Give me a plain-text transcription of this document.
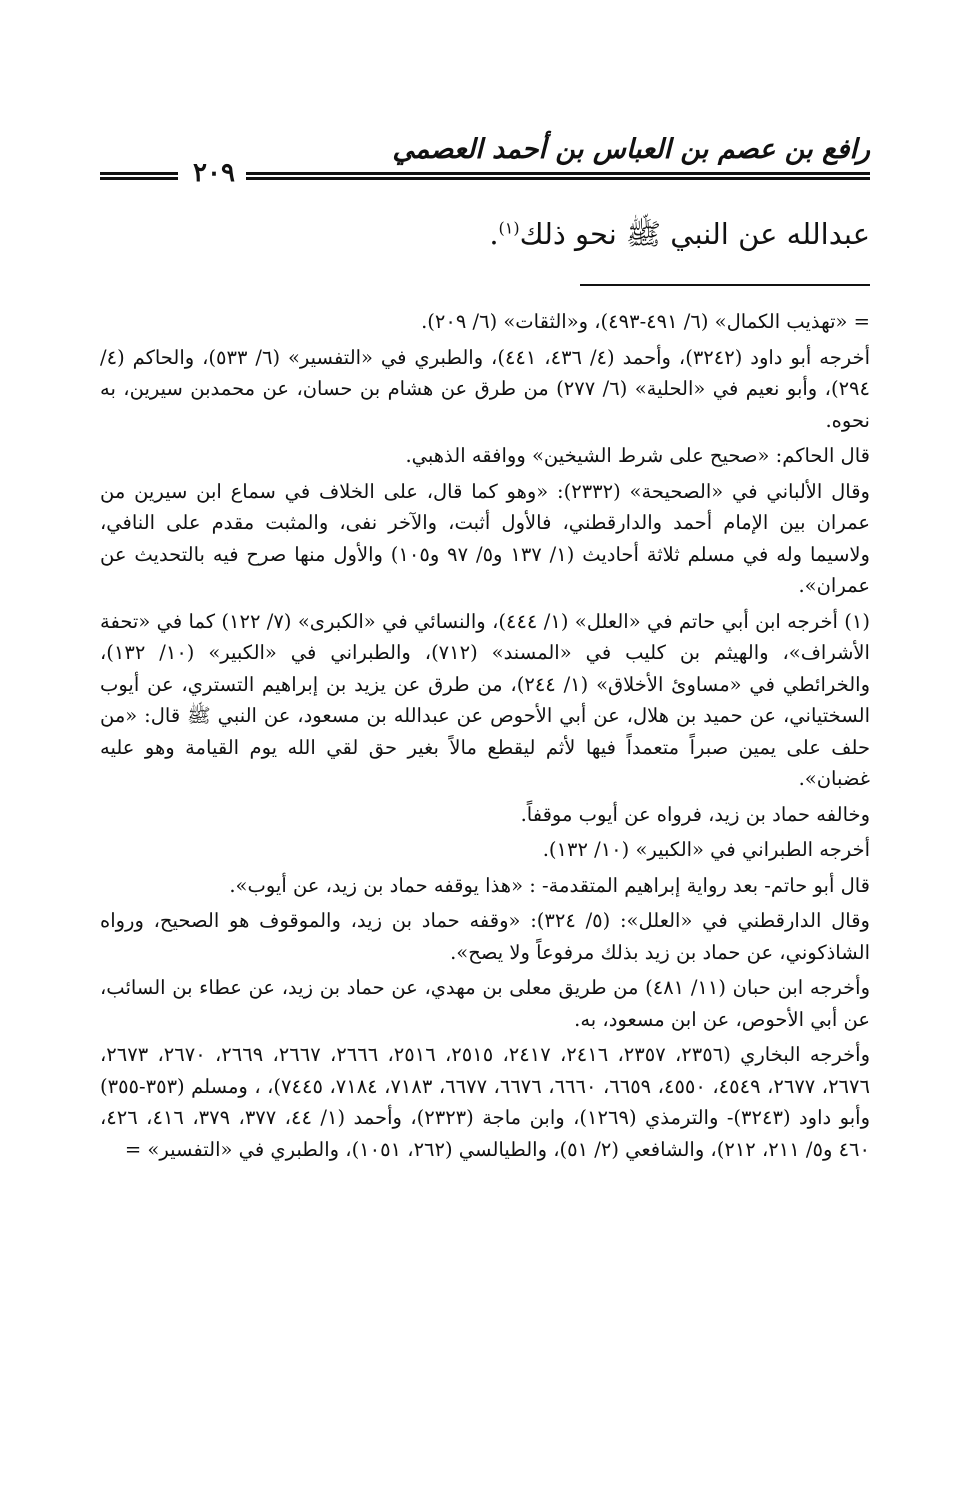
رافع بن عصم بن العباس بن أحمد العصمي
٢٠٩
عبدالله عن النبي ﷺ نحو ذلك$^{(١)}$.

= «تهذيب الكمال» (٦/ ٤٩١-٤٩٣)، و«الثقات» (٦/ ٢٠٩).

أخرجه أبو داود (٣٢٤٢)، وأحمد (٤/ ٤٣٦، ٤٤١)، والطبري في «التفسير» (٦/ ٥٣٣)، والحاكم (٤/ ٢٩٤)، وأبو نعيم في «الحلية» (٦/ ٢٧٧) من طرق عن هشام بن حسان، عن محمدبن سيرين، به نحوه.

قال الحاكم: «صحيح على شرط الشيخين» ووافقه الذهبي.

وقال الألباني في «الصحيحة» (٢٣٣٢): «وهو كما قال، على الخلاف في سماع ابن سيرين من عمران بين الإمام أحمد والدارقطني، فالأول أثبت، والآخر نفى، والمثبت مقدم على النافي، ولاسيما وله في مسلم ثلاثة أحاديث (١/ ١٣٧ و٥/ ٩٧ و١٠٥) والأول منها صرح فيه بالتحديث عن عمران».

(١) أخرجه ابن أبي حاتم في «العلل» (١/ ٤٤٤)، والنسائي في «الكبرى» (٧/ ١٢٢) كما في «تحفة الأشراف»، والهيثم بن كليب في «المسند» (٧١٢)، والطبراني في «الكبير» (١٠/ ١٣٢)، والخرائطي في «مساوئ الأخلاق» (١/ ٢٤٤)، من طرق عن يزيد بن إبراهيم التستري، عن أيوب السختياني، عن حميد بن هلال، عن أبي الأحوص عن عبدالله بن مسعود، عن النبي ﷺ قال: «من حلف على يمين صبراً متعمداً فيها لأثم ليقطع مالاً بغير حق لقي الله يوم القيامة وهو عليه غضبان».

وخالفه حماد بن زيد، فرواه عن أيوب موقفاً.

أخرجه الطبراني في «الكبير» (١٠/ ١٣٢).

قال أبو حاتم- بعد رواية إبراهيم المتقدمة- : «هذا يوقفه حماد بن زيد، عن أيوب».

وقال الدارقطني في «العلل»: (٥/ ٣٢٤): «وقفه حماد بن زيد، والموقوف هو الصحيح، ورواه الشاذكوني، عن حماد بن زيد بذلك مرفوعاً ولا يصح».

وأخرجه ابن حبان (١١/ ٤٨١) من طريق معلى بن مهدي، عن حماد بن زيد، عن عطاء بن السائب، عن أبي الأحوص، عن ابن مسعود، به.

وأخرجه البخاري (٢٣٥٦، ٢٣٥٧، ٢٤١٦، ٢٤١٧، ٢٥١٥، ٢٥١٦، ٢٦٦٦، ٢٦٦٧، ٢٦٦٩، ٢٦٧٠، ٢٦٧٣، ٢٦٧٦، ٢٦٧٧، ٤٥٤٩، ٤٥٥٠، ٦٦٥٩، ٦٦٦٠، ٦٦٧٦، ٦٦٧٧، ٧١٨٣، ٧١٨٤، ٧٤٤٥)، ، ومسلم (٣٥٣-٣٥٥) وأبو داود (٣٢٤٣)- والترمذي (١٢٦٩)، وابن ماجة (٢٣٢٣)، وأحمد (١/ ٤٤، ٣٧٧، ٣٧٩، ٤١٦، ٤٢٦، ٤٦٠ و٥/ ٢١١، ٢١٢)، والشافعي (٢/ ٥١)، والطيالسي (٢٦٢، ١٠٥١)، والطبري في «التفسير» =
